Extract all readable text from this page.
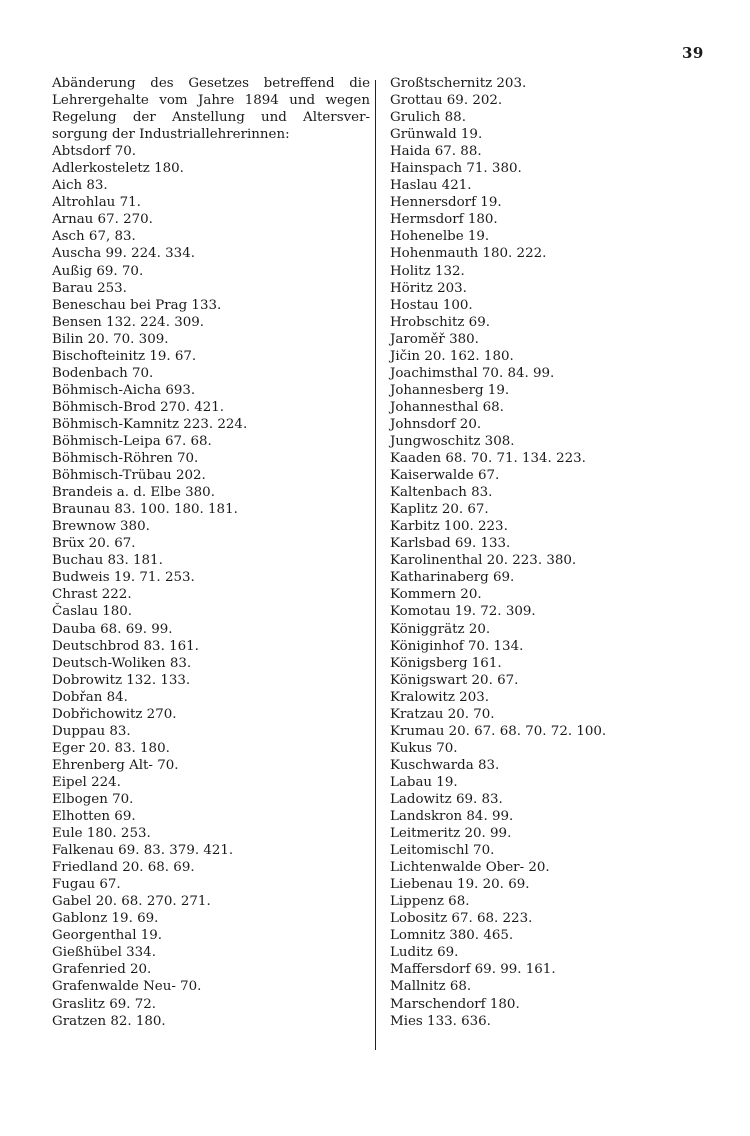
39
Abänderung des Gesetzes betreffend die
Lehrergehalte vom Jahre 1894 und wegen
Regelung der Anstellung und Altersver-
sorgung der Industriallehrerinnen:
Abtsdorf 70.
Adlerkosteletz 180.
Aich 83.
Altrohlau 71.
Arnau 67. 270.
Asch 67, 83.
Auscha 99. 224. 334.
Außig 69. 70.
Barau 253.
Beneschau bei Prag 133.
Bensen 132. 224. 309.
Bilin 20. 70. 309.
Bischofteinitz 19. 67.
Bodenbach 70.
Böhmisch-Aicha 693.
Böhmisch-Brod 270. 421.
Böhmisch-Kamnitz 223. 224.
Böhmisch-Leipa 67. 68.
Böhmisch-Röhren 70.
Böhmisch-Trübau 202.
Brandeis a. d. Elbe 380.
Braunau 83. 100. 180. 181.
Brewnow 380.
Brüx 20. 67.
Buchau 83. 181.
Budweis 19. 71. 253.
Chrast 222.
Časlau 180.
Dauba 68. 69. 99.
Deutschbrod 83. 161.
Deutsch-Woliken 83.
Dobrowitz 132. 133.
Dobřan 84.
Dobřichowitz 270.
Duppau 83.
Eger 20. 83. 180.
Ehrenberg Alt- 70.
Eipel 224.
Elbogen 70.
Elhotten 69.
Eule 180. 253.
Falkenau 69. 83. 379. 421.
Friedland 20. 68. 69.
Fugau 67.
Gabel 20. 68. 270. 271.
Gablonz 19. 69.
Georgenthal 19.
Gießhübel 334.
Grafenried 20.
Grafenwalde Neu- 70.
Graslitz 69. 72.
Gratzen 82. 180.
Großtschernitz 203.
Grottau 69. 202.
Grulich 88.
Grünwald 19.
Haida 67. 88.
Hainspach 71. 380.
Haslau 421.
Hennersdorf 19.
Hermsdorf 180.
Hohenelbe 19.
Hohenmauth 180. 222.
Holitz 132.
Höritz 203.
Hostau 100.
Hrobschitz 69.
Jaroměř 380.
Jičin 20. 162. 180.
Joachimsthal 70. 84. 99.
Johannesberg 19.
Johannesthal 68.
Johnsdorf 20.
Jungwoschitz 308.
Kaaden 68. 70. 71. 134. 223.
Kaiserwalde 67.
Kaltenbach 83.
Kaplitz 20. 67.
Karbitz 100. 223.
Karlsbad 69. 133.
Karolinenthal 20. 223. 380.
Katharinaberg 69.
Kommern 20.
Komotau 19. 72. 309.
Königgrätz 20.
Königinhof 70. 134.
Königsberg 161.
Königswart 20. 67.
Kralowitz 203.
Kratzau 20. 70.
Krumau 20. 67. 68. 70. 72. 100.
Kukus 70.
Kuschwarda 83.
Labau 19.
Ladowitz 69. 83.
Landskron 84. 99.
Leitmeritz 20. 99.
Leitomischl 70.
Lichtenwalde Ober- 20.
Liebenau 19. 20. 69.
Lippenz 68.
Lobositz 67. 68. 223.
Lomnitz 380. 465.
Luditz 69.
Maffersdorf 69. 99. 161.
Mallnitz 68.
Marschendorf 180.
Mies 133. 636.
